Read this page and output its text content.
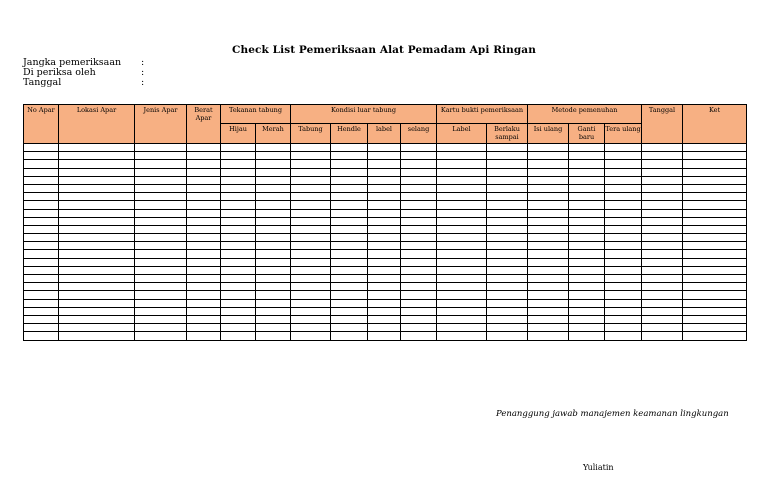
Check List Pemeriksaan Alat Pemadam Api Ringan
Jangka pemeriksaan :
Di periksa oleh	:
Tanggal	:
No Apar	Lokasi Apar	Jenis Apar	Berat Apar	Tekanan tabung		Kondisi luar tabung				Kartu bukti pemeriksaan		Metode pemenuhan			Tanggal	Ket
				Hijau	Merah	Tabung	Hendle	label	selang	Label	Berlaku sampai	Isi ulang	Ganti baru	Tera ulang		

Penanggung jawab manajemen keamanan lingkungan
Yuliatin
